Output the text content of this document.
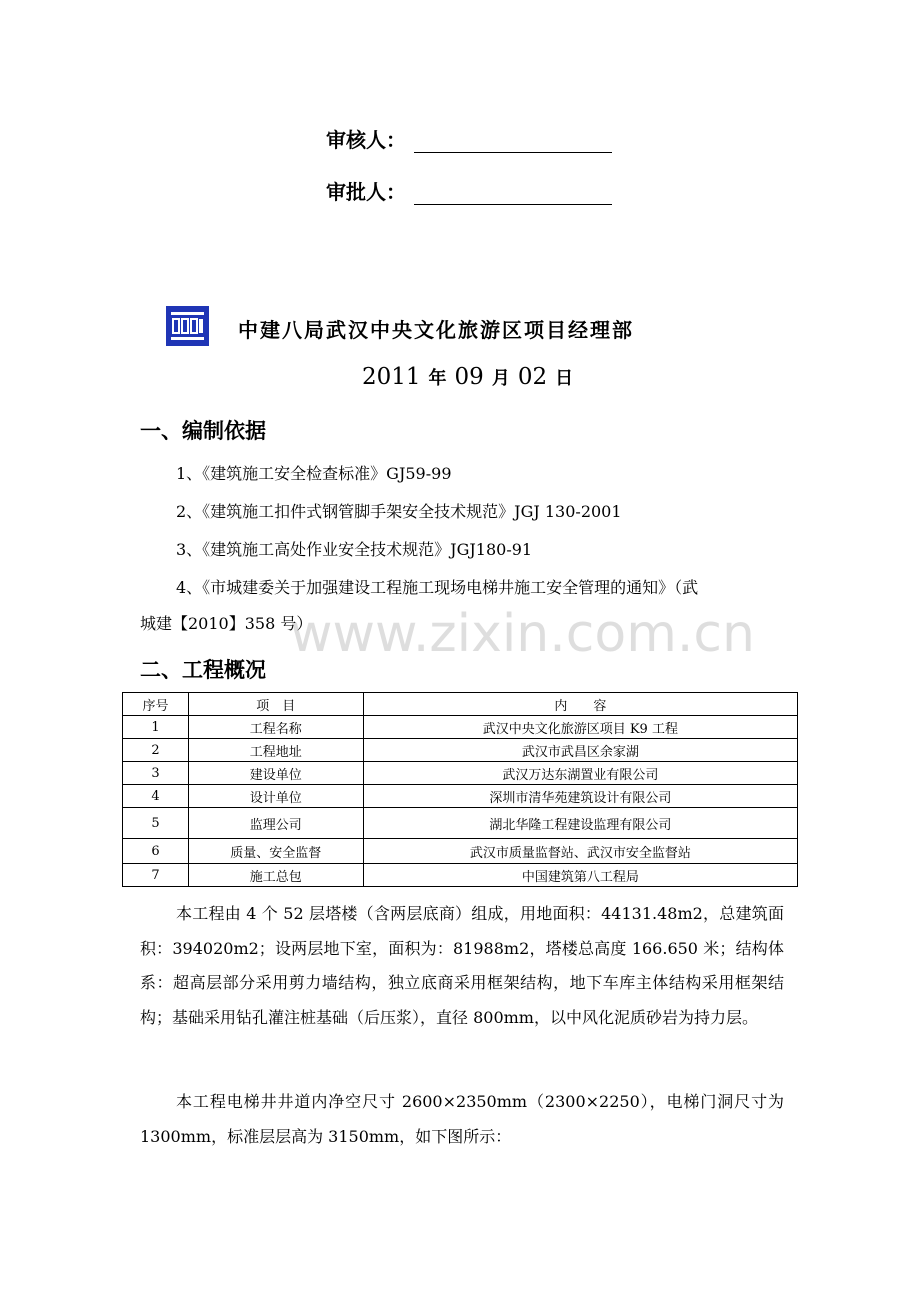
审核人：
审批人：
中建八局武汉中央文化旅游区项目经理部
2011 年 09 月 02 日
一、编制依据
1、《建筑施工安全检查标准》GJ59-99
2、《建筑施工扣件式钢管脚手架安全技术规范》JGJ 130-2001
3、《建筑施工高处作业安全技术规范》JGJ180-91
4、《市城建委关于加强建设工程施工现场电梯井施工安全管理的通知》（武
城建【2010】358 号）
www.zixin.com.cn
二、工程概况
序号	项　目	内　　容
1	工程名称	武汉中央文化旅游区项目 K9 工程
2	工程地址	武汉市武昌区余家湖
3	建设单位	武汉万达东湖置业有限公司
4	设计单位	深圳市清华苑建筑设计有限公司
5	监理公司	湖北华隆工程建设监理有限公司
6	质量、安全监督	武汉市质量监督站、武汉市安全监督站
7	施工总包	中国建筑第八工程局
本工程由 4 个 52 层塔楼（含两层底商）组成，用地面积：44131.48m2，总建筑面积：394020m2；设两层地下室，面积为：81988m2，塔楼总高度 166.650 米；结构体系：超高层部分采用剪力墙结构，独立底商采用框架结构，地下车库主体结构采用框架结构；基础采用钻孔灌注桩基础（后压浆），直径 800mm，以中风化泥质砂岩为持力层。
本工程电梯井井道内净空尺寸 2600×2350mm（2300×2250），电梯门洞尺寸为 1300mm，标准层层高为 3150mm，如下图所示：
